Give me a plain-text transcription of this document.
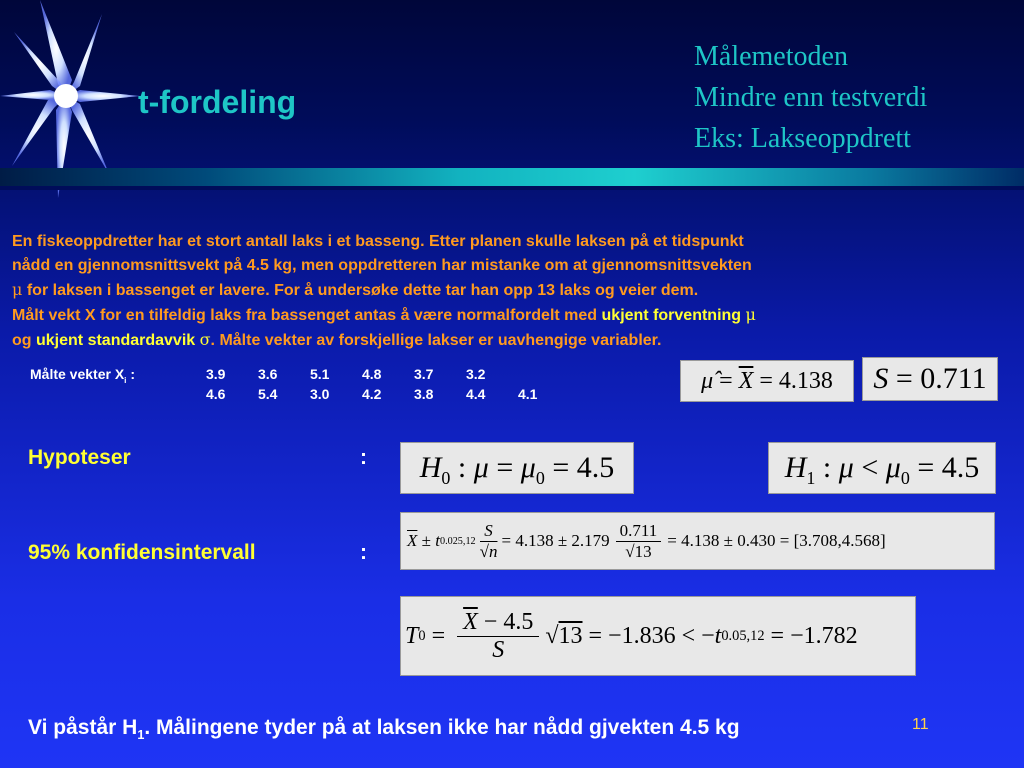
t-fordeling
Målemetoden
Mindre enn testverdi
Eks: Lakseoppdrett
En fiskeoppdretter har et stort antall laks i et basseng. Etter planen skulle laksen på et tidspunkt
nådd en gjennomsnittsvekt på 4.5 kg, men oppdretteren har mistanke om at gjennomsnittsvekten
μ for laksen i bassenget er lavere. For å undersøke dette tar han opp 13 laks og veier dem.
Målt vekt X for en tilfeldig laks fra bassenget antas å være normalfordelt med ukjent forventning μ
og ukjent standardavvik σ. Målte vekter av forskjellige lakser er uavhengige variabler.
Målte vekter $X_i$ :	3.9	3.6	5.1	4.8	3.7	3.2
4.6	5.4	3.0	4.2	3.8	4.4	4.1	μ̂ = $\overline{X} = 4.138$	S = 0.711
Hypoteser	:	$H_0$ : $\mu = \mu_0 = 4.5$	$H_1$ : $\mu < \mu_0 = 4.5$
95% konfidensintervall	:
$\overline{X} \pm t$ 0.025,12
S
√n
= 4.138 ± 2.179
0.711
√13
= 4.138 ± 0.430 = [3.708,4.568]
T 0 =
$\overline{X} - 4.5$
S
√ 13 = −1.836 < − t 0.05,12 = −1.782
Vi påstår $H_1$. Målingene tyder på at laksen ikke har nådd gjvekten 4.5 kg	11
